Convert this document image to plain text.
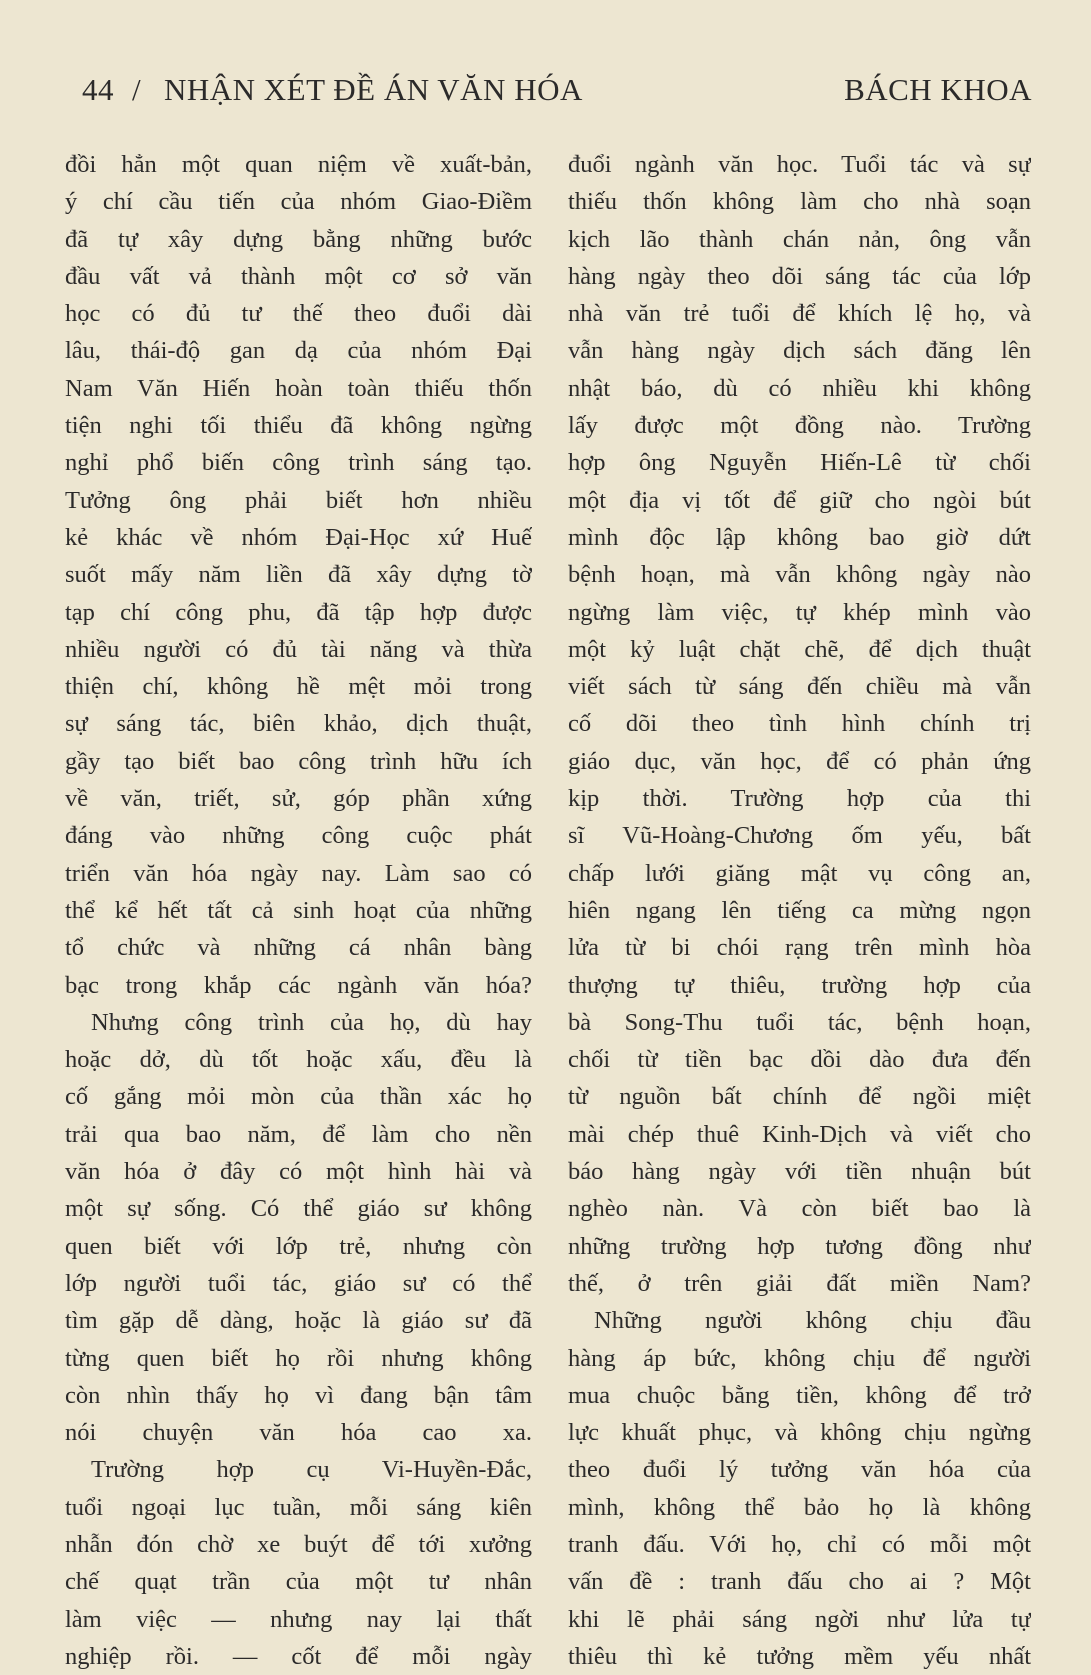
44 / NHẬN XÉT ĐỀ ÁN VĂN HÓA	BÁCH KHOA
đồi hẳn một quan niệm về xuất-bản,
ý chí cầu tiến của nhóm Giao-Điềm
đã tự xây dựng bằng những bước
đầu vất vả thành một cơ sở văn
học có đủ tư thế theo đuổi dài
lâu, thái-độ gan dạ của nhóm Đại
Nam Văn Hiến hoàn toàn thiếu thốn
tiện nghi tối thiểu đã không ngừng
nghỉ phổ biến công trình sáng tạo.
Tưởng ông phải biết hơn nhiều
kẻ khác về nhóm Đại-Học xứ Huế
suốt mấy năm liền đã xây dựng tờ
tạp chí công phu, đã tập hợp được
nhiều người có đủ tài năng và thừa
thiện chí, không hề mệt mỏi trong
sự sáng tác, biên khảo, dịch thuật,
gầy tạo biết bao công trình hữu ích
về văn, triết, sử, góp phần xứng
đáng vào những công cuộc phát
triển văn hóa ngày nay. Làm sao có
thể kể hết tất cả sinh hoạt của những
tổ chức và những cá nhân bàng
bạc trong khắp các ngành văn hóa?
Nhưng công trình của họ, dù hay
hoặc dở, dù tốt hoặc xấu, đều là
cố gắng mỏi mòn của thần xác họ
trải qua bao năm, để làm cho nền
văn hóa ở đây có một hình hài và
một sự sống. Có thể giáo sư không
quen biết với lớp trẻ, nhưng còn
lớp người tuổi tác, giáo sư có thể
tìm gặp dễ dàng, hoặc là giáo sư đã
từng quen biết họ rồi nhưng không
còn nhìn thấy họ vì đang bận tâm
nói chuyện văn hóa cao xa.
Trường hợp cụ Vi-Huyền-Đắc,
tuổi ngoại lục tuần, mỗi sáng kiên
nhẫn đón chờ xe buýt để tới xưởng
chế quạt trần của một tư nhân
làm việc — nhưng nay lại thất
nghiệp rồi. — cốt để mỗi ngày
đuổi ngành văn học. Tuổi tác và sự
thiếu thốn không làm cho nhà soạn
kịch lão thành chán nản, ông vẫn
hàng ngày theo dõi sáng tác của lớp
nhà văn trẻ tuổi để khích lệ họ, và
vẫn hàng ngày dịch sách đăng lên
nhật báo, dù có nhiều khi không
lấy được một đồng nào. Trường
hợp ông Nguyễn Hiến-Lê từ chối
một địa vị tốt để giữ cho ngòi bút
mình độc lập không bao giờ dứt
bệnh hoạn, mà vẫn không ngày nào
ngừng làm việc, tự khép mình vào
một kỷ luật chặt chẽ, để dịch thuật
viết sách từ sáng đến chiều mà vẫn
cố dõi theo tình hình chính trị
giáo dục, văn học, để có phản ứng
kịp thời. Trường hợp của thi
sĩ Vũ-Hoàng-Chương ốm yếu, bất
chấp lưới giăng mật vụ công an,
hiên ngang lên tiếng ca mừng ngọn
lửa từ bi chói rạng trên mình hòa
thượng tự thiêu, trường hợp của
bà Song-Thu tuổi tác, bệnh hoạn,
chối từ tiền bạc dồi dào đưa đến
từ nguồn bất chính để ngồi miệt
mài chép thuê Kinh-Dịch và viết cho
báo hàng ngày với tiền nhuận bút
nghèo nàn. Và còn biết bao là
những trường hợp tương đồng như
thế, ở trên giải đất miền Nam?
Những người không chịu đầu
hàng áp bức, không chịu để người
mua chuộc bằng tiền, không để trở
lực khuất phục, và không chịu ngừng
theo đuổi lý tưởng văn hóa của
mình, không thể bảo họ là không
tranh đấu. Với họ, chỉ có mỗi một
vấn đề : tranh đấu cho ai ? Một
khi lẽ phải sáng ngời như lửa tự
thiêu thì kẻ tưởng mềm yếu nhất
